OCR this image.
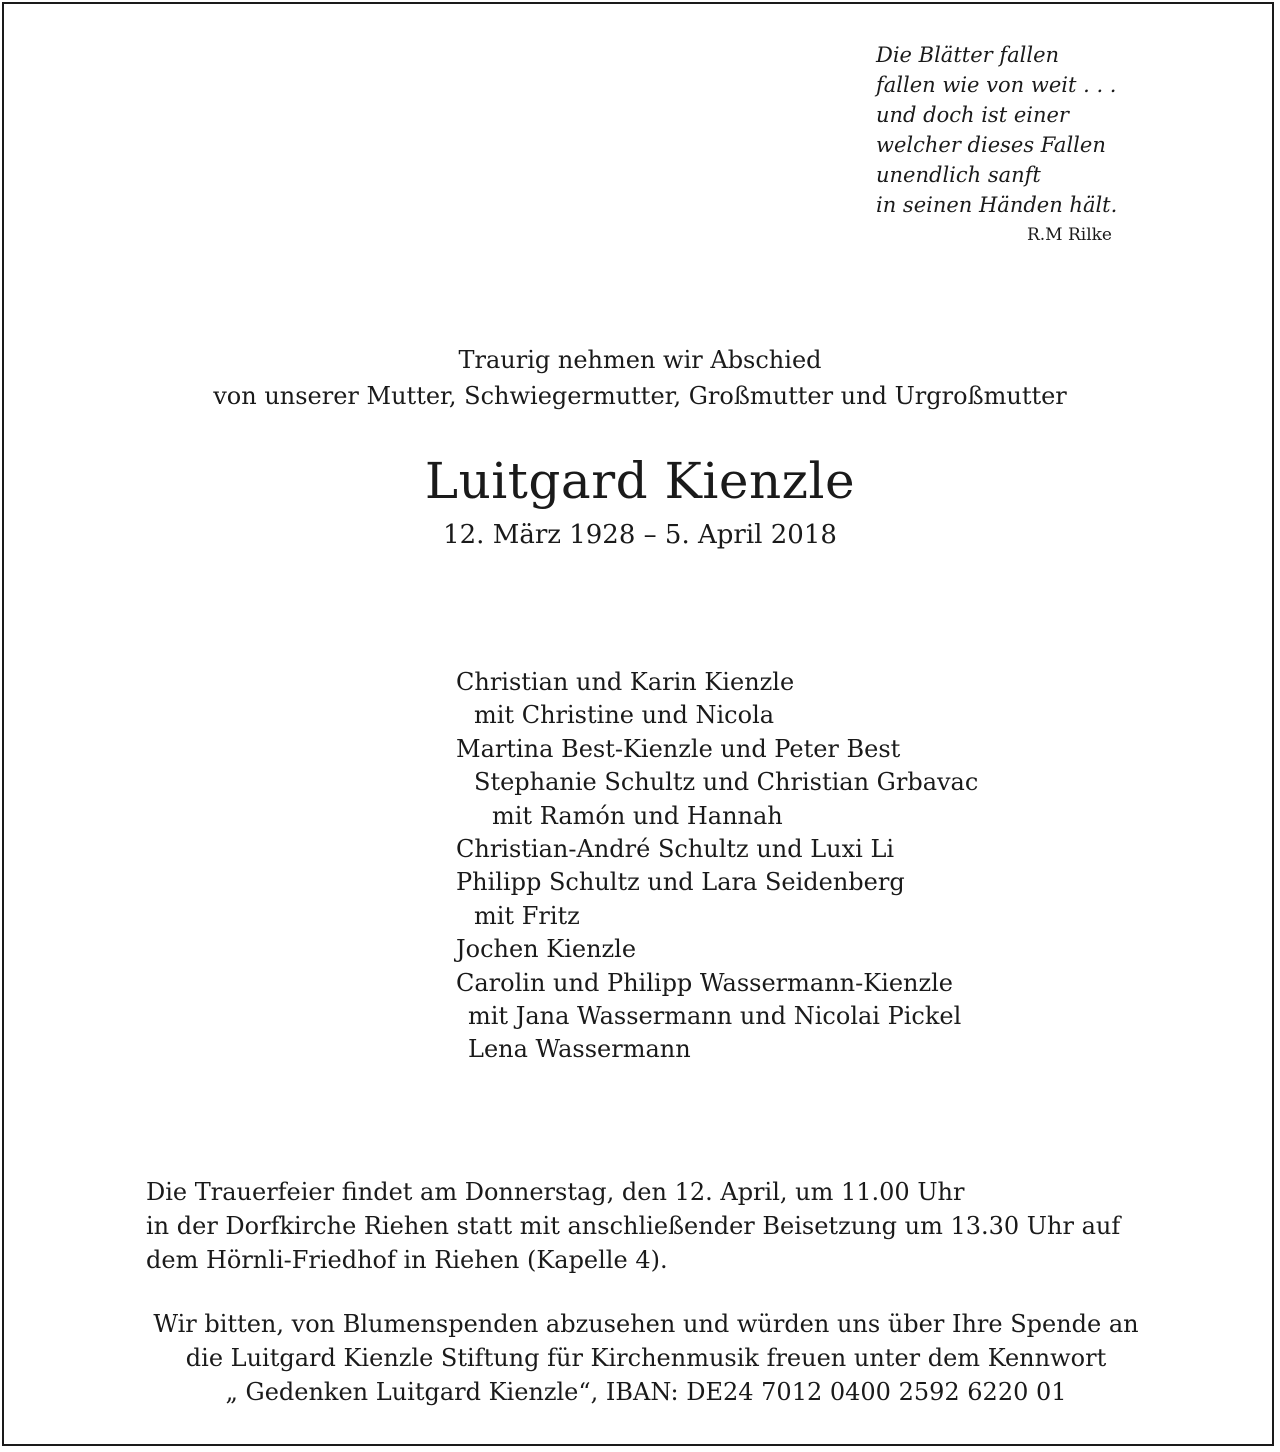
Die Blätter fallen
fallen wie von weit . . .
und doch ist einer
welcher dieses Fallen
unendlich sanft
in seinen Händen hält.
R.M Rilke
Traurig nehmen wir Abschied
von unserer Mutter, Schwiegermutter, Großmutter und Urgroßmutter
Luitgard Kienzle
12. März 1928 – 5. April 2018
Christian und Karin Kienzle
mit Christine und Nicola
Martina Best-Kienzle und Peter Best
Stephanie Schultz und Christian Grbavac
mit Ramón und Hannah
Christian-André Schultz und Luxi Li
Philipp Schultz und Lara Seidenberg
mit Fritz
Jochen Kienzle
Carolin und Philipp Wassermann-Kienzle
mit Jana Wassermann und Nicolai Pickel
Lena Wassermann
Die Trauerfeier findet am Donnerstag, den 12. April, um 11.00 Uhr
in der Dorfkirche Riehen statt mit anschließender Beisetzung um 13.30 Uhr auf
dem Hörnli-Friedhof in Riehen (Kapelle 4).
Wir bitten, von Blumenspenden abzusehen und würden uns über Ihre Spende an
die Luitgard Kienzle Stiftung für Kirchenmusik freuen unter dem Kennwort
„ Gedenken Luitgard Kienzle“, IBAN: DE24 7012 0400 2592 6220 01
